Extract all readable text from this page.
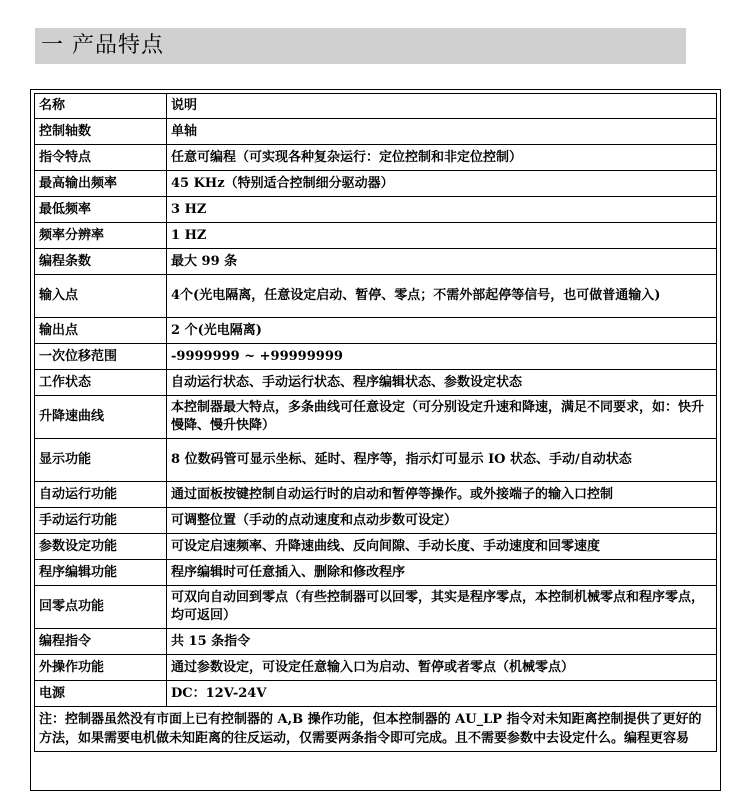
一 产品特点
名称	说明
控制轴数	单轴
指令特点	任意可编程（可实现各种复杂运行：定位控制和非定位控制）
最高输出频率	45 KHz（特别适合控制细分驱动器）
最低频率	3 HZ
频率分辨率	1 HZ
编程条数	最大 99 条
输入点	4个(光电隔离，任意设定启动、暂停、零点；不需外部起停等信号，也可做普通输入)
输出点	2 个(光电隔离)
一次位移范围	-9999999 ~ +99999999
工作状态	自动运行状态、手动运行状态、程序编辑状态、参数设定状态
升降速曲线	本控制器最大特点，多条曲线可任意设定（可分别设定升速和降速，满足不同要求，如：快升慢降、慢升快降）
显示功能	8 位数码管可显示坐标、延时、程序等，指示灯可显示 IO 状态、手动/自动状态
自动运行功能	通过面板按键控制自动运行时的启动和暂停等操作。或外接端子的输入口控制
手动运行功能	可调整位置（手动的点动速度和点动步数可设定）
参数设定功能	可设定启速频率、升降速曲线、反向间隙、手动长度、手动速度和回零速度
程序编辑功能	程序编辑时可任意插入、删除和修改程序
回零点功能	可双向自动回到零点（有些控制器可以回零，其实是程序零点，本控制机械零点和程序零点，均可返回）
编程指令	共 15 条指令
外操作功能	通过参数设定，可设定任意输入口为启动、暂停或者零点（机械零点）
电源	DC：12V-24V
注：控制器虽然没有市面上已有控制器的 A,B 操作功能，但本控制器的 AU_LP 指令对未知距离控制提供了更好的方法，如果需要电机做未知距离的往反运动，仅需要两条指令即可完成。且不需要参数中去设定什么。编程更容易	
